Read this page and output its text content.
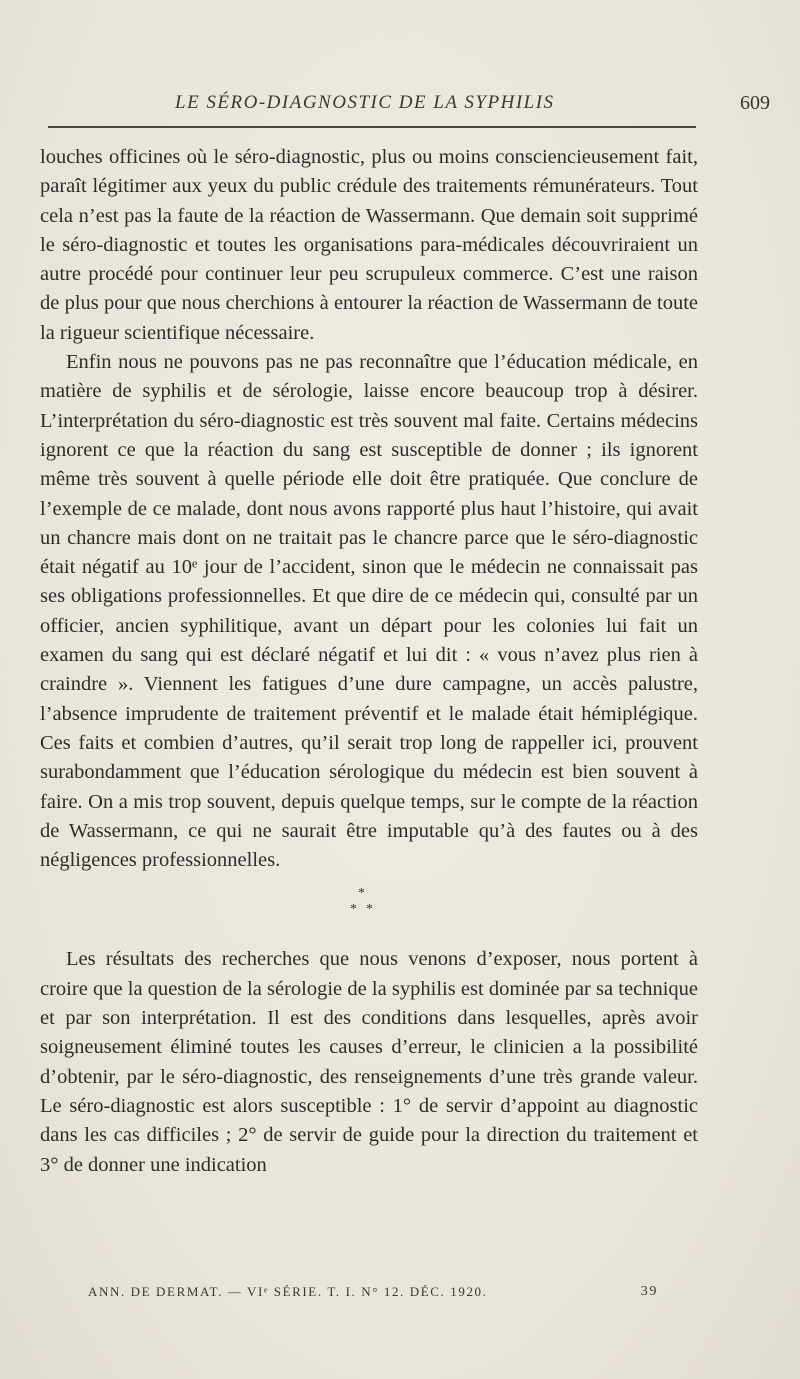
LE SÉRO-DIAGNOSTIC DE LA SYPHILIS	609

louches officines où le séro-diagnostic, plus ou moins consciencieusement fait, paraît légitimer aux yeux du public crédule des traitements rémunérateurs. Tout cela n’est pas la faute de la réaction de Wassermann. Que demain soit supprimé le séro-diagnostic et toutes les organisations para-médicales découvriraient un autre procédé pour continuer leur peu scrupuleux commerce. C’est une raison de plus pour que nous cherchions à entourer la réaction de Wassermann de toute la rigueur scientifique nécessaire.

Enfin nous ne pouvons pas ne pas reconnaître que l’éducation médicale, en matière de syphilis et de sérologie, laisse encore beaucoup trop à désirer. L’interprétation du séro-diagnostic est très souvent mal faite. Certains médecins ignorent ce que la réaction du sang est susceptible de donner ; ils ignorent même très souvent à quelle période elle doit être pratiquée. Que conclure de l’exemple de ce malade, dont nous avons rapporté plus haut l’histoire, qui avait un chancre mais dont on ne traitait pas le chancre parce que le séro-diagnostic était négatif au 10ᵉ jour de l’accident, sinon que le médecin ne connaissait pas ses obligations professionnelles. Et que dire de ce médecin qui, consulté par un officier, ancien syphilitique, avant un départ pour les colonies lui fait un examen du sang qui est déclaré négatif et lui dit : « vous n’avez plus rien à craindre ». Viennent les fatigues d’une dure campagne, un accès palustre, l’absence imprudente de traitement préventif et le malade était hémiplégique. Ces faits et combien d’autres, qu’il serait trop long de rappeller ici, prouvent surabondamment que l’éducation sérologique du médecin est bien souvent à faire. On a mis trop souvent, depuis quelque temps, sur le compte de la réaction de Wassermann, ce qui ne saurait être imputable qu’à des fautes ou à des négligences professionnelles.

*
* *

Les résultats des recherches que nous venons d’exposer, nous portent à croire que la question de la sérologie de la syphilis est dominée par sa technique et par son interprétation. Il est des conditions dans lesquelles, après avoir soigneusement éliminé toutes les causes d’erreur, le clinicien a la possibilité d’obtenir, par le séro-diagnostic, des renseignements d’une très grande valeur. Le séro-diagnostic est alors susceptible : 1° de servir d’appoint au diagnostic dans les cas difficiles ; 2° de servir de guide pour la direction du traitement et 3° de donner une indication

ANN. DE DERMAT. — VIᵉ SÉRIE. T. I. N° 12. DÉC. 1920.	39
